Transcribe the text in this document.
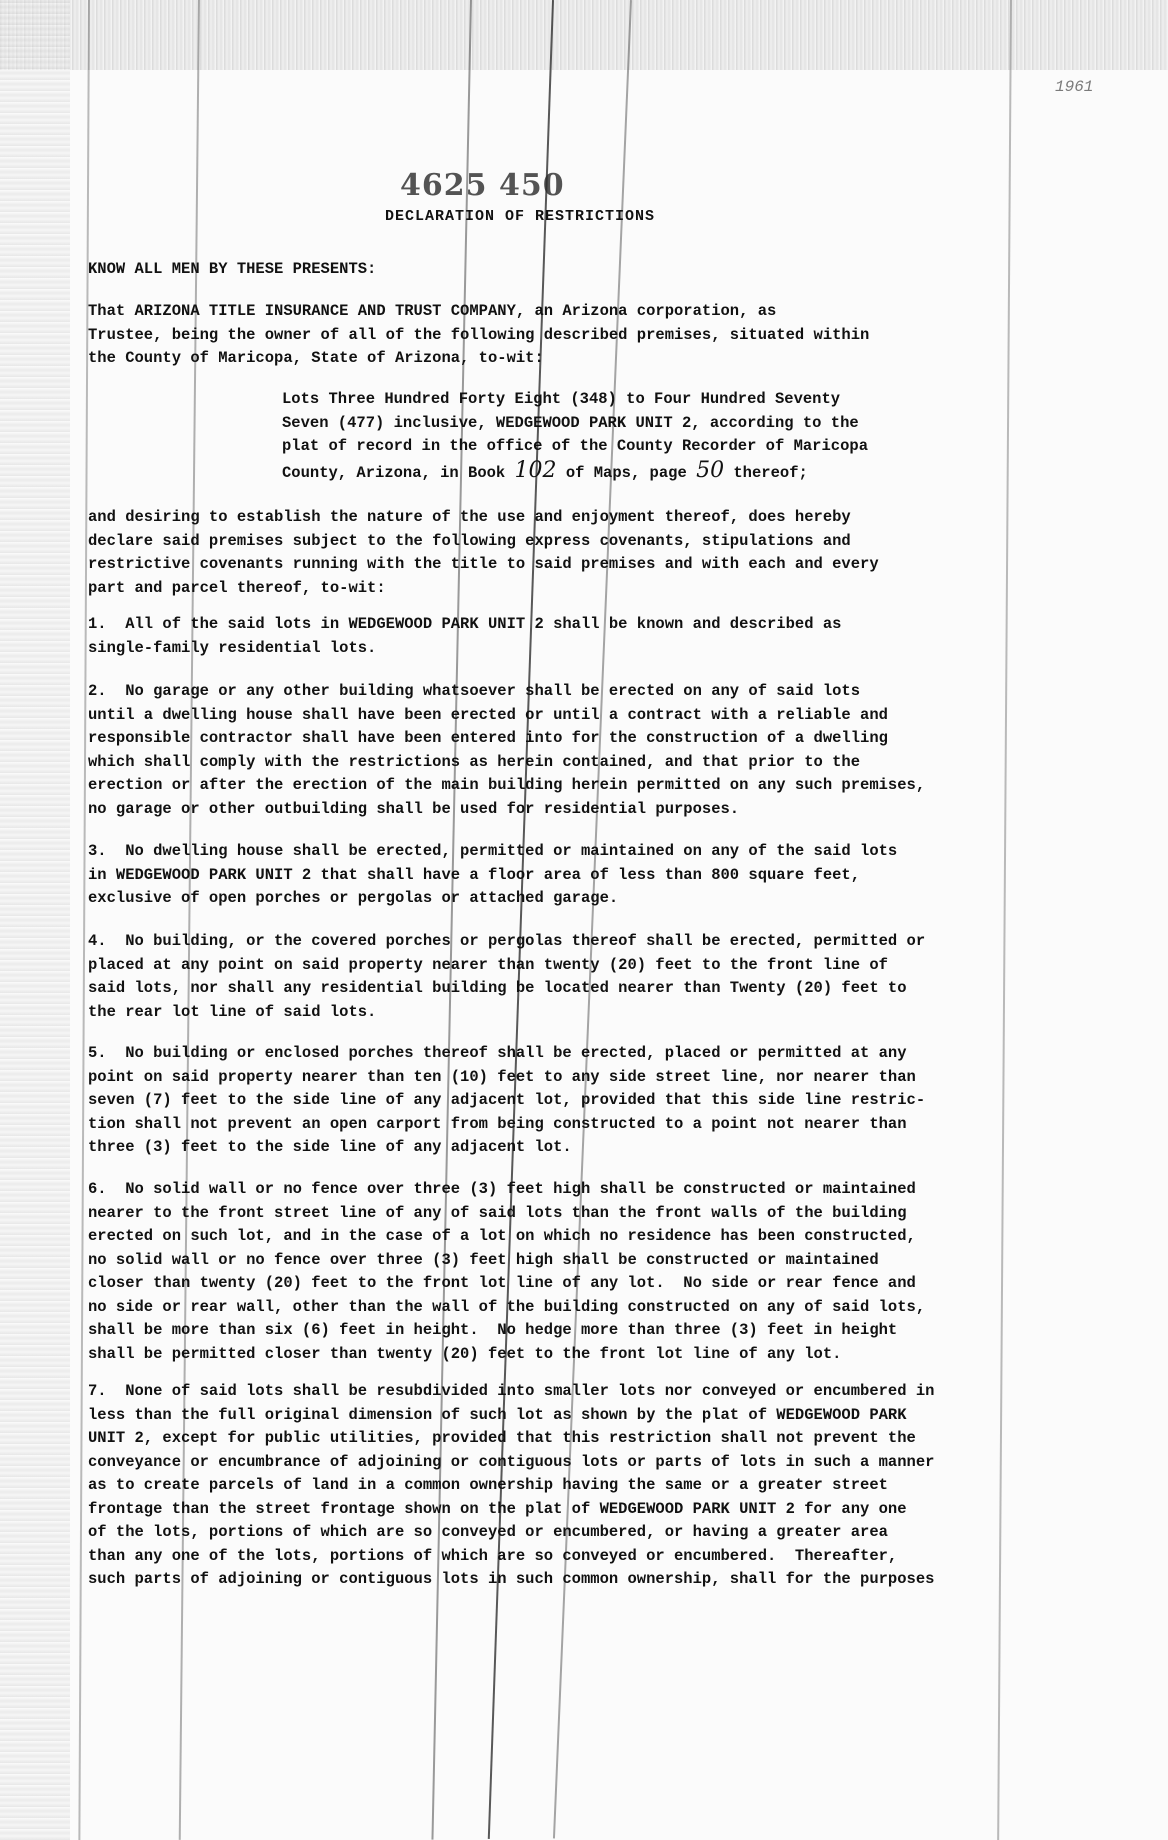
1961
4625 450
DECLARATION OF RESTRICTIONS
KNOW ALL MEN BY THESE PRESENTS:
That ARIZONA TITLE INSURANCE AND TRUST COMPANY, an Arizona corporation, as
Trustee, being the owner of all of the following described premises, situated within
the County of Maricopa, State of Arizona, to-wit:
Lots Three Hundred Forty Eight (348) to Four Hundred Seventy
Seven (477) inclusive, WEDGEWOOD PARK UNIT 2, according to the
plat of record in the office of the County Recorder of Maricopa
County, Arizona, in Book 102 of Maps, page 50 thereof;
and desiring to establish the nature of the use and enjoyment thereof, does hereby
declare said premises subject to the following express covenants, stipulations and
restrictive covenants running with the title to said premises and with each and every
part and parcel thereof, to-wit:
1.  All of the said lots in WEDGEWOOD PARK UNIT 2 shall be known and described as
single-family residential lots.
2.  No garage or any other building whatsoever shall be erected on any of said lots
until a dwelling house shall have been erected or until a contract with a reliable and
responsible contractor shall have been entered into for the construction of a dwelling
which shall comply with the restrictions as herein contained, and that prior to the
erection or after the erection of the main building herein permitted on any such premises,
no garage or other outbuilding shall be used for residential purposes.
3.  No dwelling house shall be erected, permitted or maintained on any of the said lots
in WEDGEWOOD PARK UNIT 2 that shall have a floor area of less than 800 square feet,
exclusive of open porches or pergolas or attached garage.
4.  No building, or the covered porches or pergolas thereof shall be erected, permitted or
placed at any point on said property nearer than twenty (20) feet to the front line of
said lots, nor shall any residential building be located nearer than Twenty (20) feet to
the rear lot line of said lots.
5.  No building or enclosed porches thereof shall be erected, placed or permitted at any
point on said property nearer than ten (10) feet to any side street line, nor nearer than
seven (7) feet to the side line of any adjacent lot, provided that this side line restric-
tion shall not prevent an open carport from being constructed to a point not nearer than
three (3) feet to the side line of any adjacent lot.
6.  No solid wall or no fence over three (3) feet high shall be constructed or maintained
nearer to the front street line of any of said lots than the front walls of the building
erected on such lot, and in the case of a lot on which no residence has been constructed,
no solid wall or no fence over three (3) feet high shall be constructed or maintained
closer than twenty (20) feet to the front lot line of any lot.  No side or rear fence and
no side or rear wall, other than the wall of the building constructed on any of said lots,
shall be more than six (6) feet in height.  No hedge more than three (3) feet in height
shall be permitted closer than twenty (20) feet to the front lot line of any lot.
7.  None of said lots shall be resubdivided into smaller lots nor conveyed or encumbered in
less than the full original dimension of such lot as shown by the plat of WEDGEWOOD PARK
UNIT 2, except for public utilities, provided that this restriction shall not prevent the
conveyance or encumbrance of adjoining or contiguous lots or parts of lots in such a manner
as to create parcels of land in a common ownership having the same or a greater street
frontage than the street frontage shown on the plat of WEDGEWOOD PARK UNIT 2 for any one
of the lots, portions of which are so conveyed or encumbered, or having a greater area
than any one of the lots, portions of which are so conveyed or encumbered.  Thereafter,
such parts of adjoining or contiguous lots in such common ownership, shall for the purposes
